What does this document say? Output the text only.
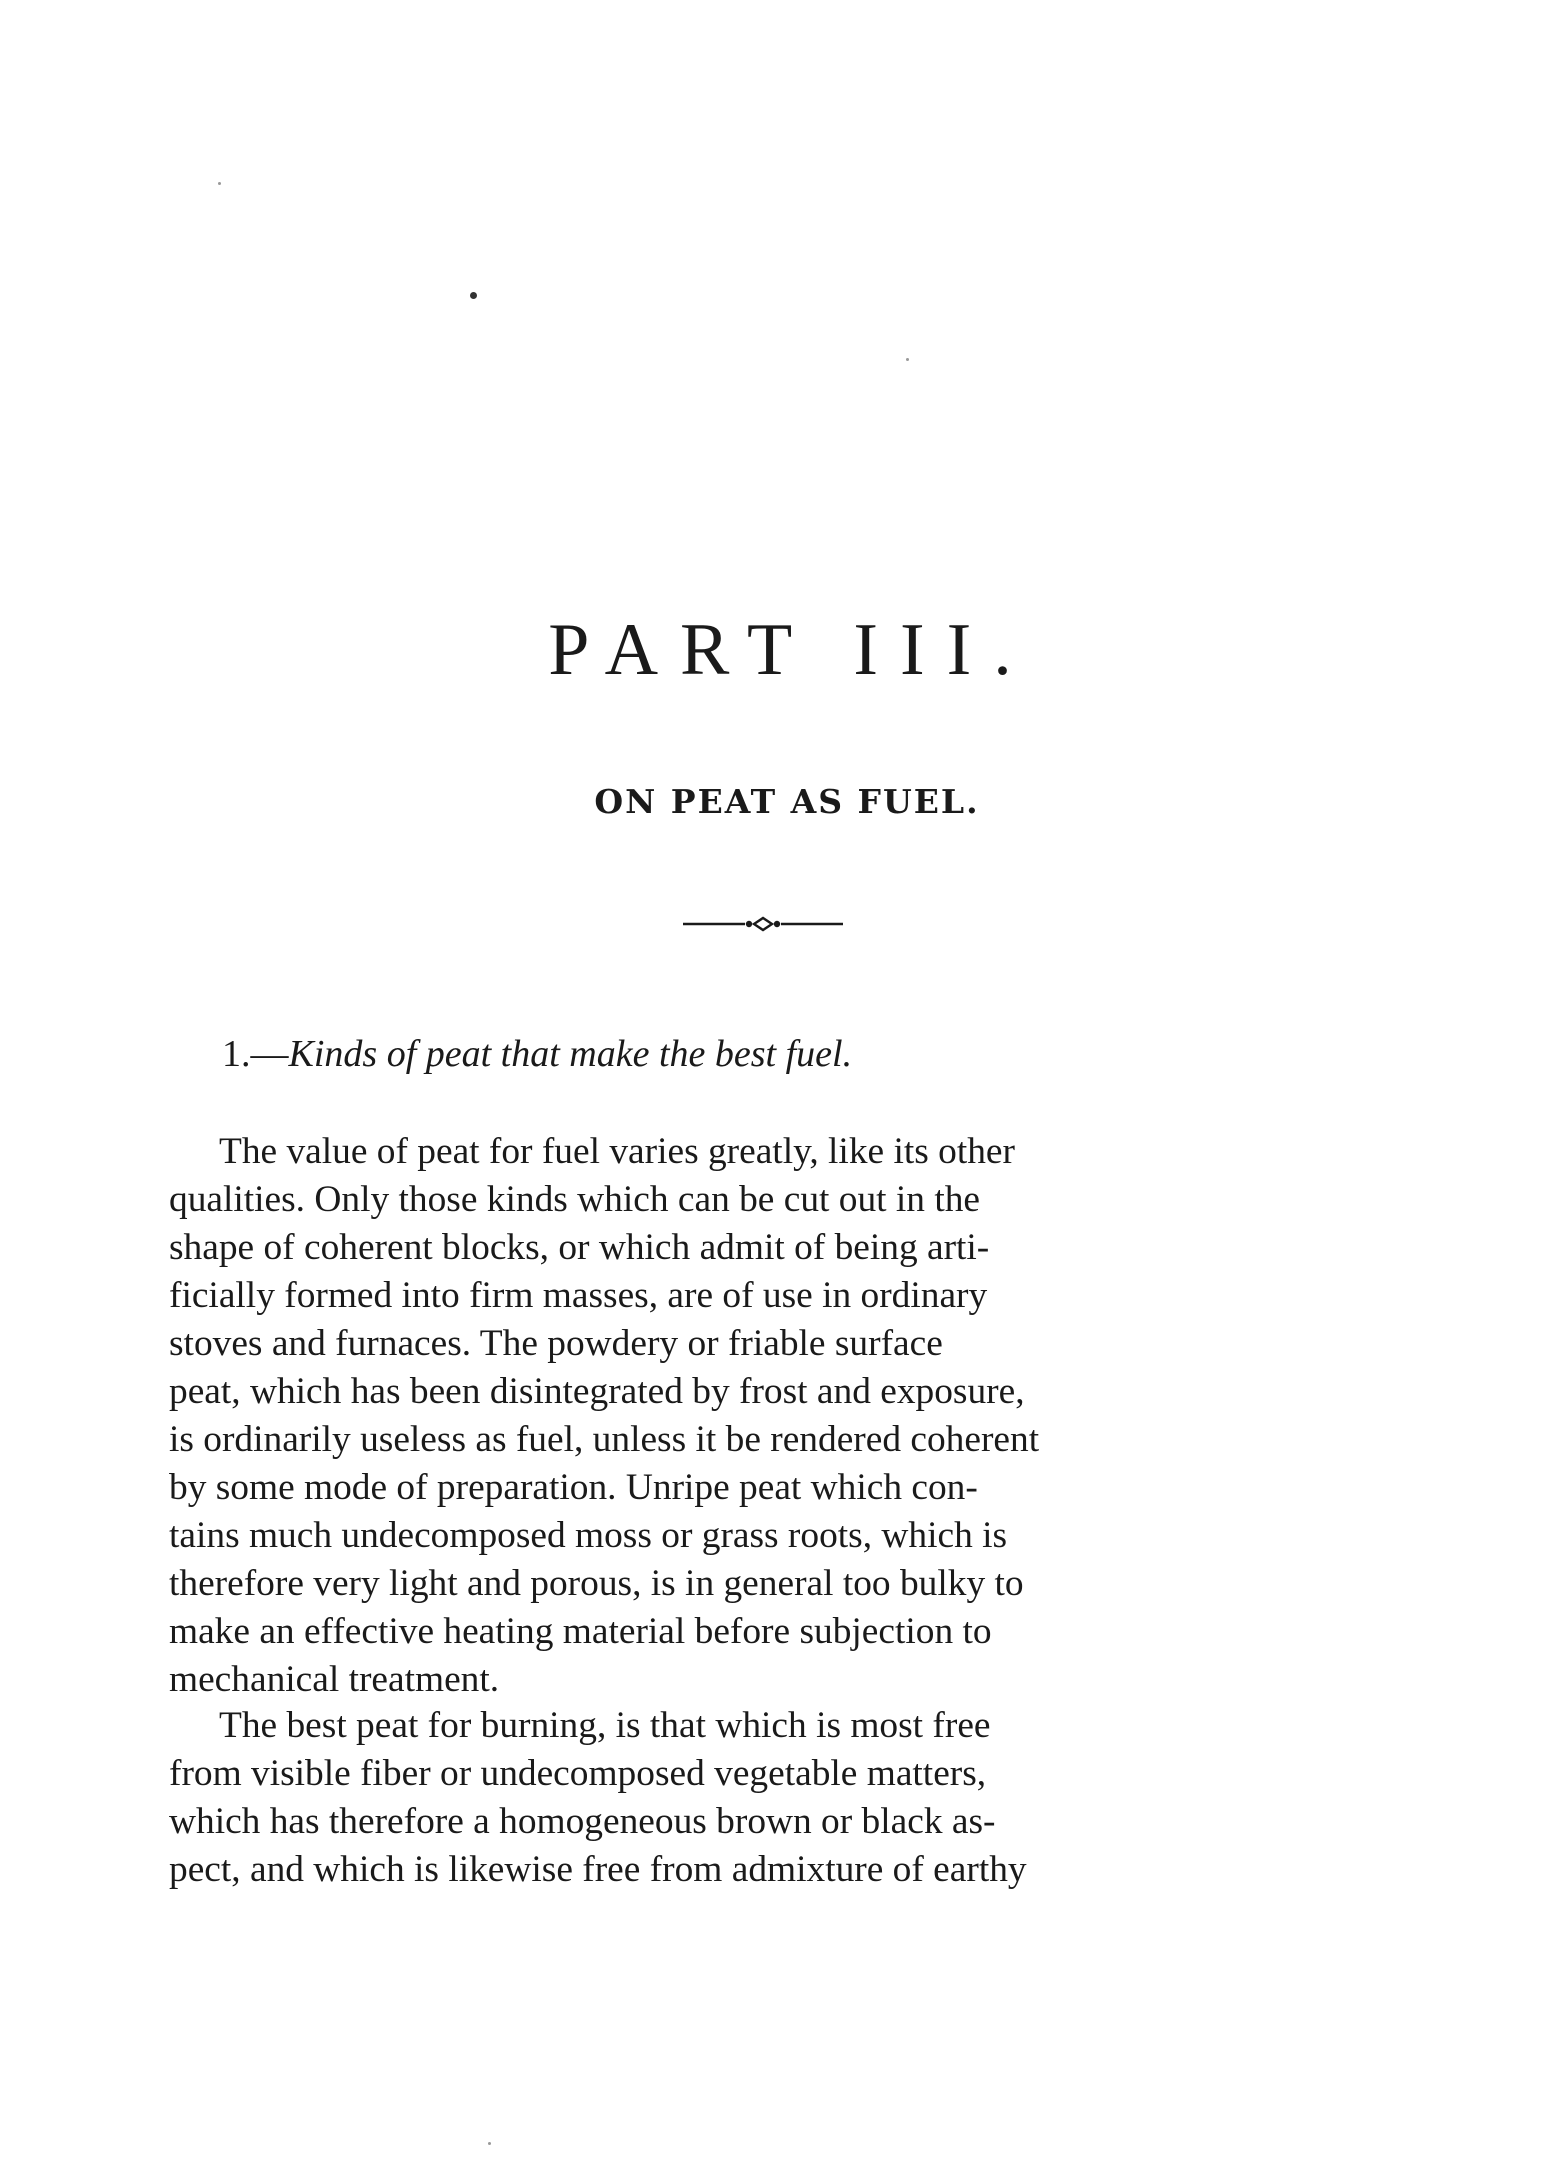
PART III.
ON PEAT AS FUEL.
1.—Kinds of peat that make the best fuel.
The value of peat for fuel varies greatly, like its other
qualities. Only those kinds which can be cut out in the
shape of coherent blocks, or which admit of being arti-
ficially formed into firm masses, are of use in ordinary
stoves and furnaces. The powdery or friable surface
peat, which has been disintegrated by frost and exposure,
is ordinarily useless as fuel, unless it be rendered coherent
by some mode of preparation. Unripe peat which con-
tains much undecomposed moss or grass roots, which is
therefore very light and porous, is in general too bulky to
make an effective heating material before subjection to
mechanical treatment.
The best peat for burning, is that which is most free
from visible fiber or undecomposed vegetable matters,
which has therefore a homogeneous brown or black as-
pect, and which is likewise free from admixture of earthy
